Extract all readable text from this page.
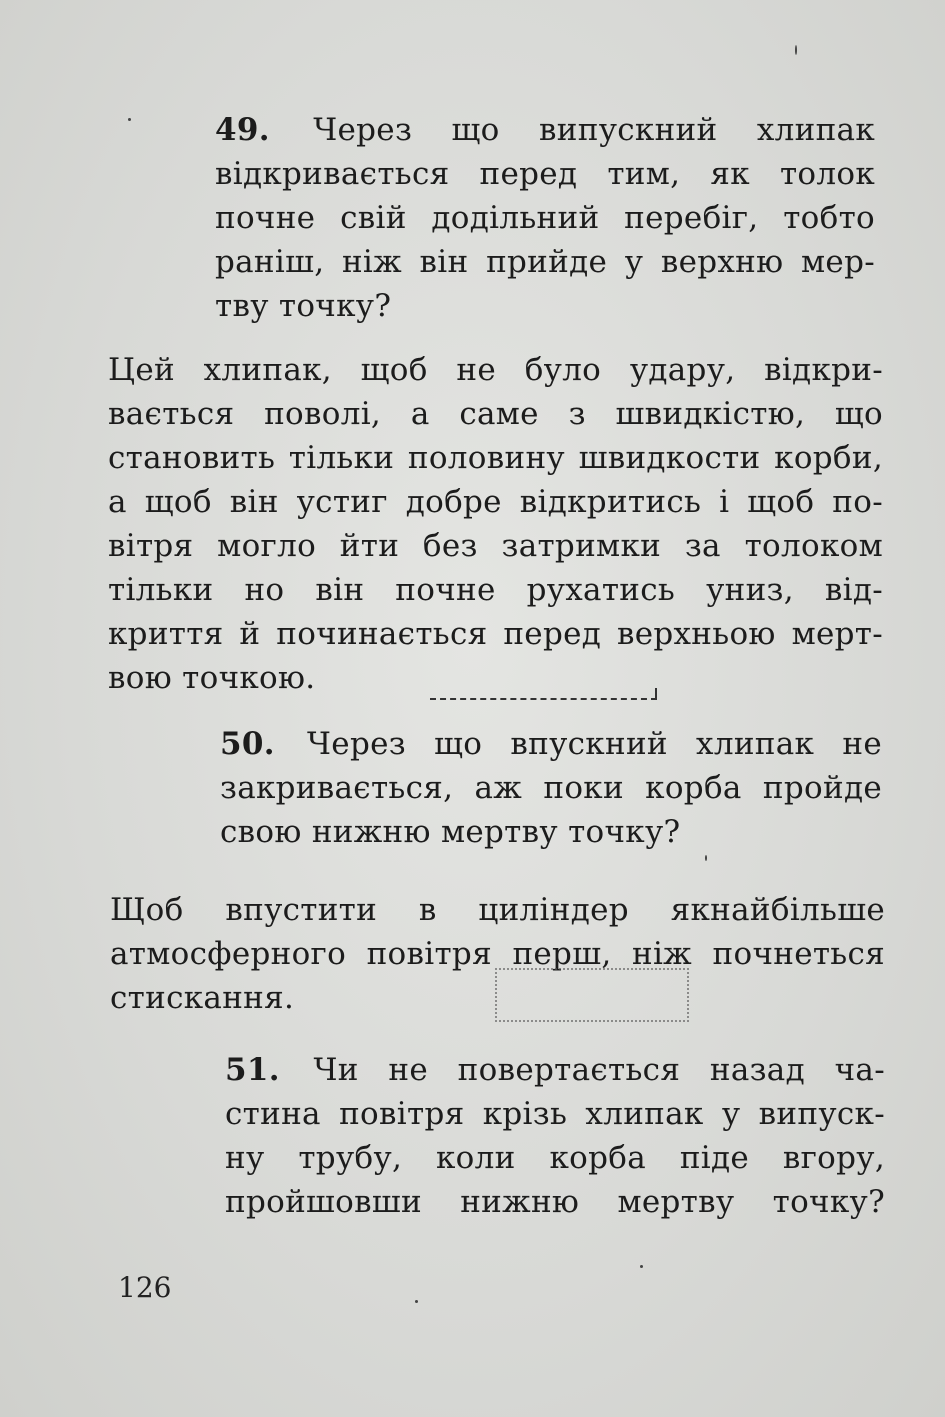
49. Через що випускний хлипак
відкривається перед тим, як толок
почне свій додільний перебіг, тобто
раніш, ніж він прийде у верхню мер-
тву точку?
Цей хлипак, щоб не було удару, відкри-
вається поволі, а саме з швидкістю, що
становить тільки половину швидкости корби,
а щоб він устиг добре відкритись і щоб по-
вітря могло йти без затримки за толоком
тільки но він почне рухатись униз, від-
криття й починається перед верхньою мерт-
вою точкою.
50. Через що впускний хлипак не
закривається, аж поки корба пройде
свою нижню мертву точку?
Щоб впустити в циліндер якнайбільше
атмосферного повітря перш, ніж почнеться
стискання.
51. Чи не повертається назад ча-
стина повітря крізь хлипак у випуск-
ну трубу, коли корба піде вгору,
пройшовши нижню мертву точку?
126
